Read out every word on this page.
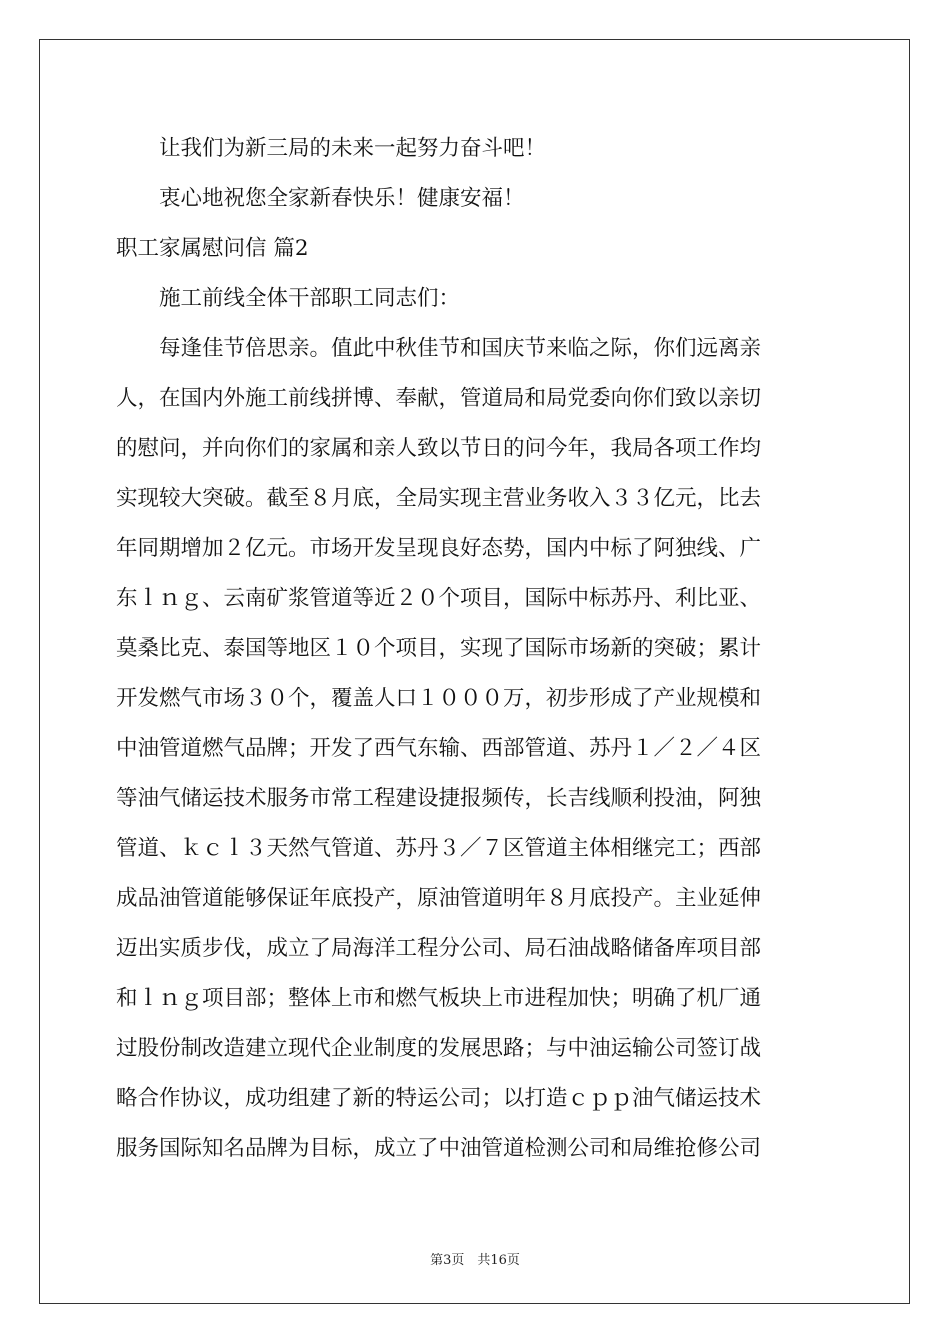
　　让我们为新三局的未来一起努力奋斗吧！
　　衷心地祝您全家新春快乐！健康安福！
职工家属慰问信 篇2
　　施工前线全体干部职工同志们：
　　每逢佳节倍思亲。值此中秋佳节和国庆节来临之际，你们远离亲
人，在国内外施工前线拼博、奉献，管道局和局党委向你们致以亲切
的慰问，并向你们的家属和亲人致以节日的问今年，我局各项工作均
实现较大突破。截至８月底，全局实现主营业务收入３３亿元，比去
年同期增加２亿元。市场开发呈现良好态势，国内中标了阿独线、广
东ｌｎｇ、云南矿浆管道等近２０个项目，国际中标苏丹、利比亚、
莫桑比克、泰国等地区１０个项目，实现了国际市场新的突破；累计
开发燃气市场３０个，覆盖人口１０００万，初步形成了产业规模和
中油管道燃气品牌；开发了西气东输、西部管道、苏丹１／２／４区
等油气储运技术服务市常工程建设捷报频传，长吉线顺利投油，阿独
管道、ｋｃｌ３天然气管道、苏丹３／７区管道主体相继完工；西部
成品油管道能够保证年底投产，原油管道明年８月底投产。主业延伸
迈出实质步伐，成立了局海洋工程分公司、局石油战略储备库项目部
和ｌｎｇ项目部；整体上市和燃气板块上市进程加快；明确了机厂通
过股份制改造建立现代企业制度的发展思路；与中油运输公司签订战
略合作协议，成功组建了新的特运公司；以打造ｃｐｐ油气储运技术
服务国际知名品牌为目标，成立了中油管道检测公司和局维抢修公司
第3页　共16页
